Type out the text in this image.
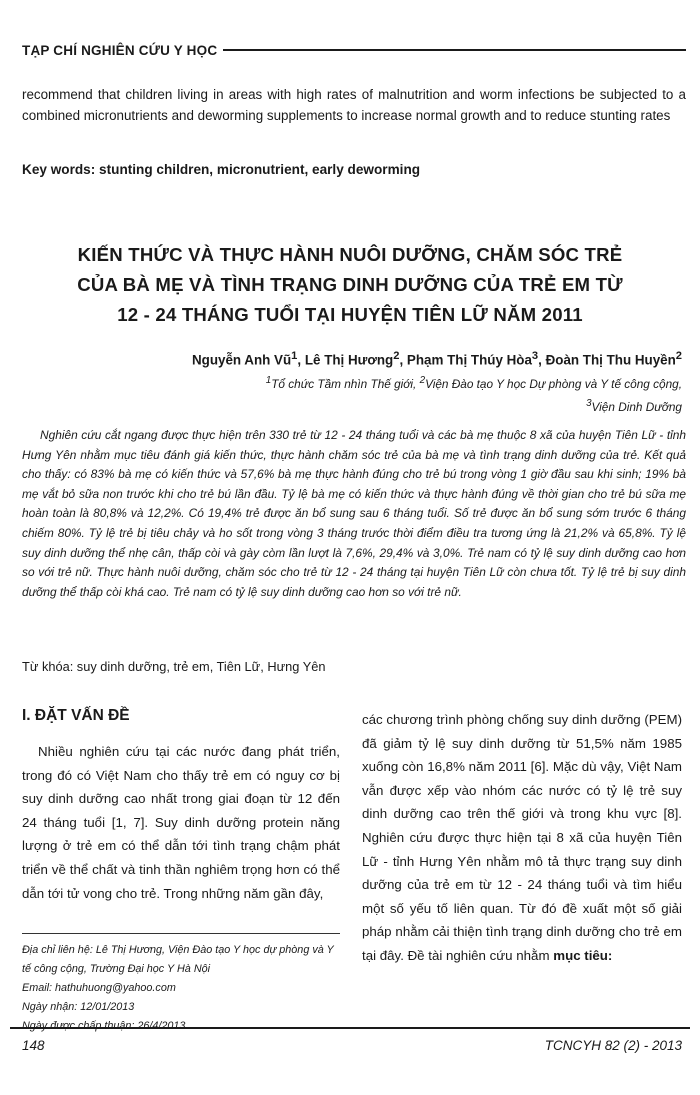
TẠP CHÍ NGHIÊN CỨU Y HỌC
recommend that children living in areas with high rates of malnutrition and worm infections be subjected to a combined micronutrients and deworming supplements to increase normal growth and to reduce stunting rates
Key words: stunting children, micronutrient, early deworming
KIẾN THỨC VÀ THỰC HÀNH NUÔI DƯỠNG, CHĂM SÓC TRẺ
CỦA BÀ MẸ VÀ TÌNH TRẠNG DINH DƯỠNG CỦA TRẺ EM TỪ
12 - 24 THÁNG TUỔI TẠI HUYỆN TIÊN LỮ NĂM 2011
Nguyễn Anh $Vũ^1$, Lê Thị Hương$^2$, Phạm Thị Thúy Hòa$^3$, Đoàn Thị Thu Huyền$^2$
$^1$Tổ chức Tầm nhìn Thế giới, $^2$Viện Đào tạo Y học Dự phòng và Y tế công cộng,
$^3$Viện Dinh Dưỡng
Nghiên cứu cắt ngang được thực hiện trên 330 trẻ từ 12 - 24 tháng tuổi và các bà mẹ thuộc 8 xã của huyện Tiên Lữ - tỉnh Hưng Yên nhằm mục tiêu đánh giá kiến thức, thực hành chăm sóc trẻ của bà mẹ và tình trạng dinh dưỡng của trẻ. Kết quả cho thấy: có 83% bà mẹ có kiến thức và 57,6% bà mẹ thực hành đúng cho trẻ bú trong vòng 1 giờ đầu sau khi sinh; 19% bà mẹ vắt bỏ sữa non trước khi cho trẻ bú lần đầu. Tỷ lệ bà mẹ có kiến thức và thực hành đúng về thời gian cho trẻ bú sữa mẹ hoàn toàn là 80,8% và 12,2%. Có 19,4% trẻ được ăn bổ sung sau 6 tháng tuổi. Số trẻ được ăn bổ sung sớm trước 6 tháng chiếm 80%. Tỷ lệ trẻ bị tiêu chảy và ho sốt trong vòng 3 tháng trước thời điểm điều tra tương ứng là 21,2% và 65,8%. Tỷ lệ suy dinh dưỡng thể nhẹ cân, thấp còi và gày còm lần lượt là 7,6%, 29,4% và 3,0%. Trẻ nam có tỷ lệ suy dinh dưỡng cao hơn so với trẻ nữ. Thực hành nuôi dưỡng, chăm sóc cho trẻ từ 12 - 24 tháng tại huyện Tiên Lữ còn chưa tốt. Tỷ lệ trẻ bị suy dinh dưỡng thể thấp còi khá cao. Trẻ nam có tỷ lệ suy dinh dưỡng cao hơn so với trẻ nữ.
Từ khóa: suy dinh dưỡng, trẻ em, Tiên Lữ, Hưng Yên
I. ĐẶT VẤN ĐỀ
Nhiều nghiên cứu tại các nước đang phát triển, trong đó có Việt Nam cho thấy trẻ em có nguy cơ bị suy dinh dưỡng cao nhất trong giai đoạn từ 12 đến 24 tháng tuổi [1, 7]. Suy dinh dưỡng protein năng lượng ở trẻ em có thể dẫn tới tình trạng chậm phát triển về thể chất và tinh thần nghiêm trọng hơn có thể dẫn tới tử vong cho trẻ. Trong những năm gần đây,
các chương trình phòng chống suy dinh dưỡng (PEM) đã giảm tỷ lệ suy dinh dưỡng từ 51,5% năm 1985 xuống còn 16,8% năm 2011 [6]. Mặc dù vậy, Việt Nam vẫn được xếp vào nhóm các nước có tỷ lệ trẻ suy dinh dưỡng cao trên thế giới và trong khu vực [8]. Nghiên cứu được thực hiện tại 8 xã của huyện Tiên Lữ - tỉnh Hưng Yên nhằm mô tả thực trạng suy dinh dưỡng của trẻ em từ 12 - 24 tháng tuổi và tìm hiểu một số yếu tố liên quan. Từ đó đề xuất một số giải pháp nhằm cải thiện tình trạng dinh dưỡng cho trẻ em tại đây. Đề tài nghiên cứu nhằm mục tiêu:
Địa chỉ liên hệ: Lê Thị Hương, Viện Đào tạo Y học dự phòng và Y tế công cộng, Trường Đại học Y Hà Nội
Email: hathuhuong@yahoo.com
Ngày nhận: 12/01/2013
Ngày được chấp thuận: 26/4/2013
148	TCNCYH 82 (2) - 2013
